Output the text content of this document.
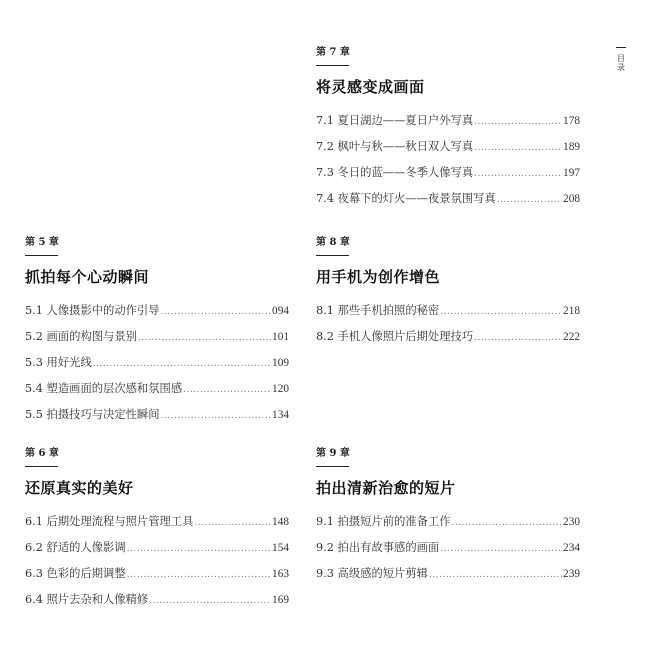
第 7 章
将灵感变成画面
7.1 夏日湖边——夏日户外写真 .....	178
7.2 枫叶与秋——秋日双人写真 .....	189
7.3 冬日的蓝——冬季人像写真 .....	197
7.4 夜幕下的灯火——夜景氛围写真 .....	208
第 5 章
抓拍每个心动瞬间
5.1 人像摄影中的动作引导 .....	094
5.2 画面的构图与景别 .....	101
5.3 用好光线 .....	109
5.4 塑造画面的层次感和氛围感 .....	120
5.5 拍摄技巧与决定性瞬间 .....	134
第 8 章
用手机为创作增色
8.1 那些手机拍照的秘密 .....	218
8.2 手机人像照片后期处理技巧 .....	222
第 6 章
还原真实的美好
6.1 后期处理流程与照片管理工具 .....	148
6.2 舒适的人像影调 .....	154
6.3 色彩的后期调整 .....	163
6.4 照片去杂和人像精修 .....	169
第 9 章
拍出清新治愈的短片
9.1 拍摄短片前的准备工作 .....	230
9.2 拍出有故事感的画面 .....	234
9.3 高级感的短片剪辑 .....	239
目录
